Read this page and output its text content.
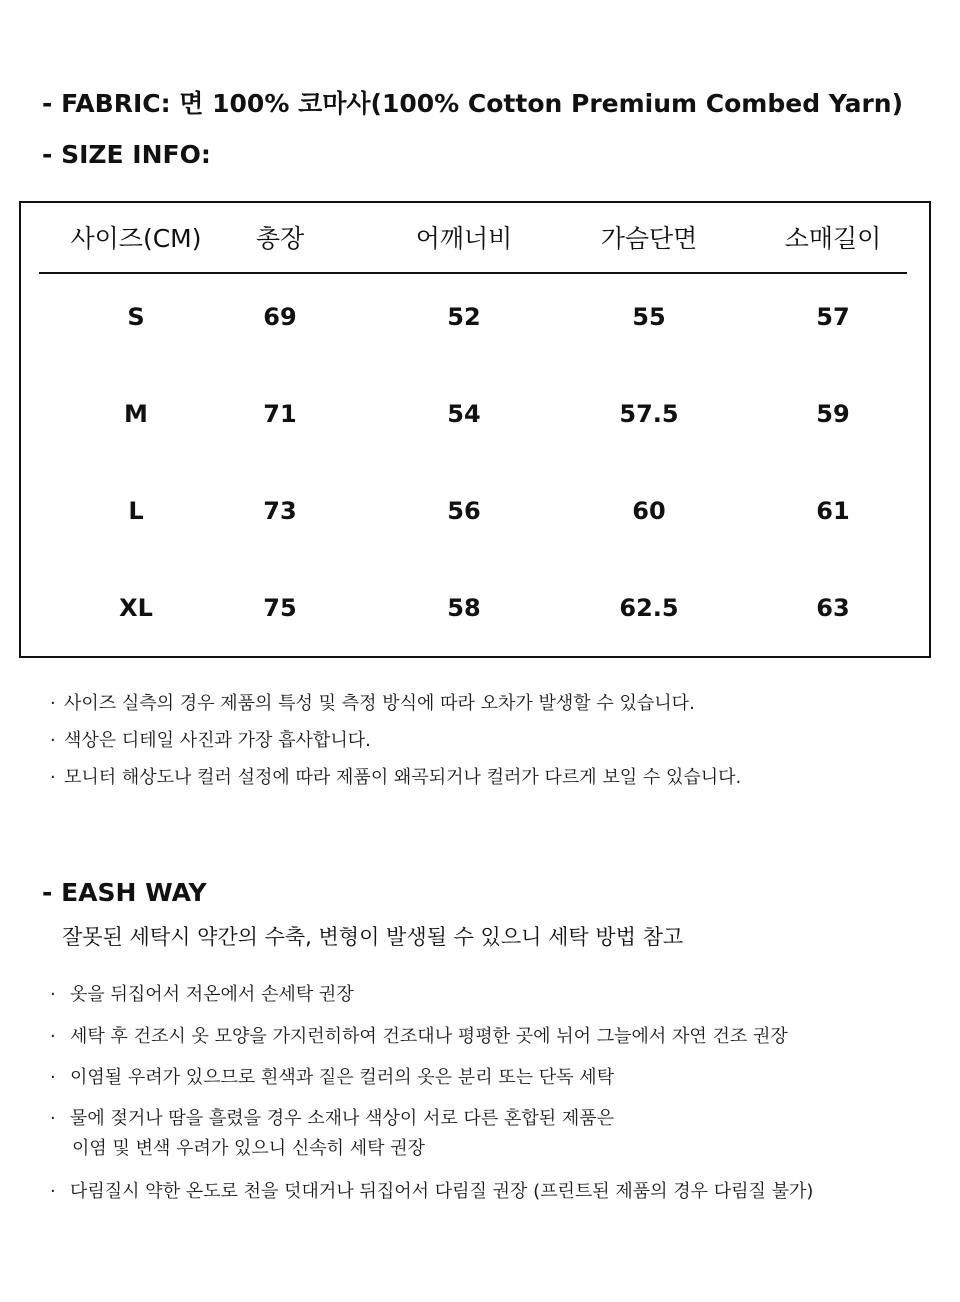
- FABRIC: 면 100% 코마사(100% Cotton Premium Combed Yarn)
- SIZE INFO:
사이즈(CM)	총장	어깨너비	가슴단면	소매길이
S	69	52	55	57
M	71	54	57.5	59
L	73	56	60	61
XL	75	58	62.5	63
· 사이즈 실측의 경우 제품의 특성 및 측정 방식에 따라 오차가 발생할 수 있습니다.
· 색상은 디테일 사진과 가장 흡사합니다.
· 모니터 해상도나 컬러 설정에 따라 제품이 왜곡되거나 컬러가 다르게 보일 수 있습니다.
- EASH WAY
잘못된 세탁시 약간의 수축, 변형이 발생될 수 있으니 세탁 방법 참고
· 옷을 뒤집어서 저온에서 손세탁 권장
· 세탁 후 건조시 옷 모양을 가지런히하여 건조대나 평평한 곳에 뉘어 그늘에서 자연 건조 권장
· 이염될 우려가 있으므로 흰색과 짙은 컬러의 옷은 분리 또는 단독 세탁
· 물에 젖거나 땀을 흘렸을 경우 소재나 색상이 서로 다른 혼합된 제품은
이염 및 변색 우려가 있으니 신속히 세탁 권장
· 다림질시 약한 온도로 천을 덧대거나 뒤집어서 다림질 권장 (프린트된 제품의 경우 다림질 불가)
